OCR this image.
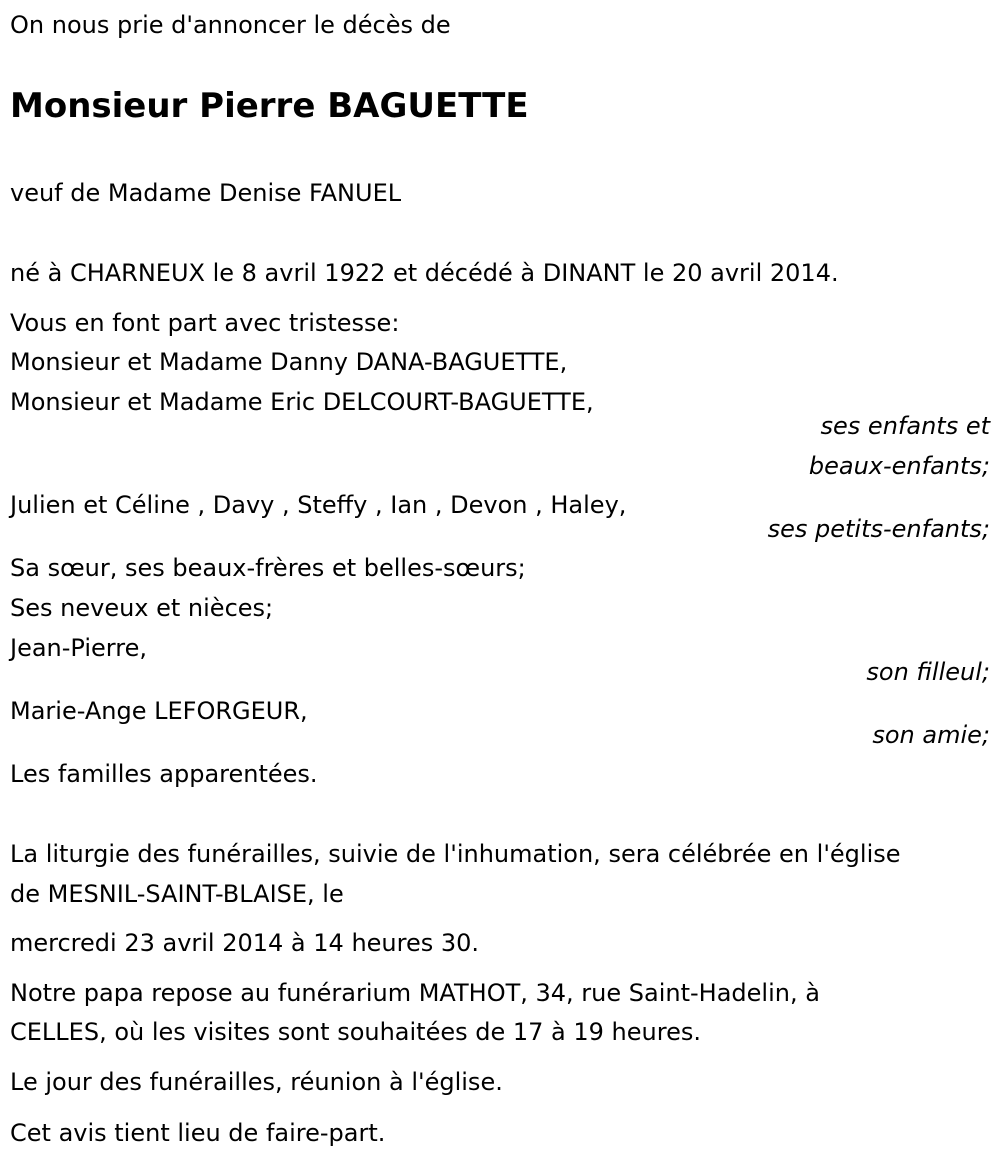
On nous prie d'annoncer le décès de
Monsieur Pierre BAGUETTE
veuf de Madame Denise FANUEL
né à CHARNEUX le 8 avril 1922 et décédé à DINANT le 20 avril 2014.
Vous en font part avec tristesse:
Monsieur et Madame Danny DANA-BAGUETTE,
Monsieur et Madame Eric DELCOURT-BAGUETTE,
ses enfants et
beaux-enfants;
Julien et Céline , Davy , Steffy , Ian , Devon , Haley,
ses petits-enfants;
Sa sœur, ses beaux-frères et belles-sœurs;
Ses neveux et nièces;
Jean-Pierre,
son filleul;
Marie-Ange LEFORGEUR,
son amie;
Les familles apparentées.
La liturgie des funérailles, suivie de l'inhumation, sera célébrée en l'église
de MESNIL-SAINT-BLAISE, le
mercredi 23 avril 2014 à 14 heures 30.
Notre papa repose au funérarium MATHOT, 34, rue Saint-Hadelin, à
CELLES, où les visites sont souhaitées de 17 à 19 heures.
Le jour des funérailles, réunion à l'église.
Cet avis tient lieu de faire-part.
